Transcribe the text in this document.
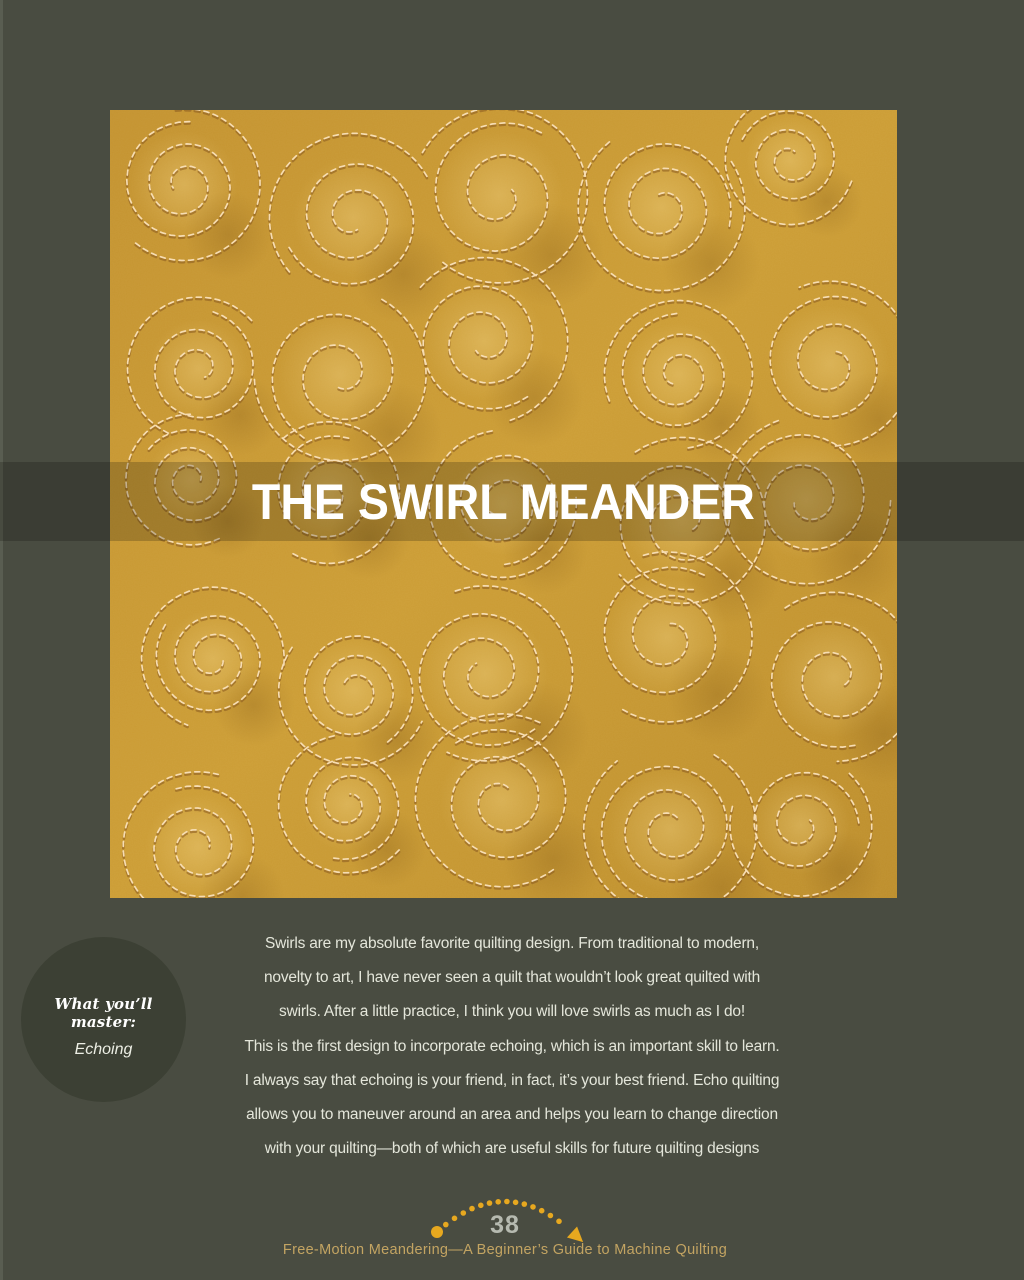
THE SWIRL MEANDER
What you’ll master:
Echoing
Swirls are my absolute favorite quilting design. From traditional to modern,
novelty to art, I have never seen a quilt that wouldn’t look great quilted with
swirls. After a little practice, I think you will love swirls as much as I do!
This is the first design to incorporate echoing, which is an important skill to learn.
I always say that echoing is your friend, in fact, it’s your best friend. Echo quilting
allows you to maneuver around an area and helps you learn to change direction
with your quilting—both of which are useful skills for future quilting designs
38
Free-Motion Meandering—A Beginner’s Guide to Machine Quilting
